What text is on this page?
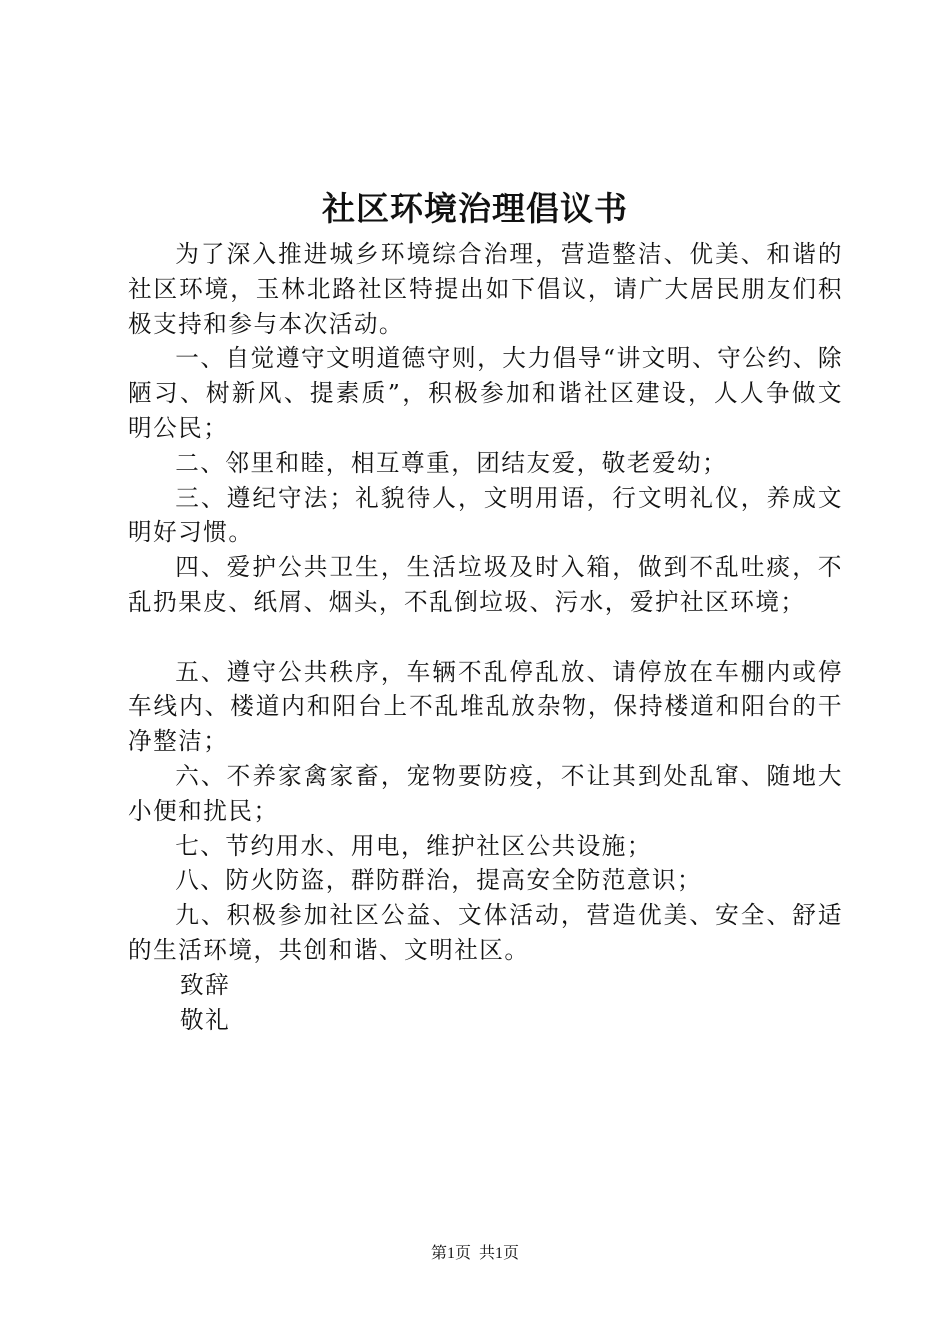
社区环境治理倡议书

为了深入推进城乡环境综合治理，营造整洁、优美、和谐的社区环境，玉林北路社区特提出如下倡议，请广大居民朋友们积极支持和参与本次活动。

一、自觉遵守文明道德守则，大力倡导“讲文明、守公约、除陋习、树新风、提素质”，积极参加和谐社区建设，人人争做文明公民；

二、邻里和睦，相互尊重，团结友爱，敬老爱幼；

三、遵纪守法；礼貌待人，文明用语，行文明礼仪，养成文明好习惯。

四、爱护公共卫生，生活垃圾及时入箱，做到不乱吐痰，不乱扔果皮、纸屑、烟头，不乱倒垃圾、污水，爱护社区环境；

五、遵守公共秩序，车辆不乱停乱放、请停放在车棚内或停车线内、楼道内和阳台上不乱堆乱放杂物，保持楼道和阳台的干净整洁；

六、不养家禽家畜，宠物要防疫，不让其到处乱窜、随地大小便和扰民；

七、节约用水、用电，维护社区公共设施；

八、防火防盗，群防群治，提高安全防范意识；

九、积极参加社区公益、文体活动，营造优美、安全、舒适的生活环境，共创和谐、文明社区。

致辞

敬礼

第1页 共1页
